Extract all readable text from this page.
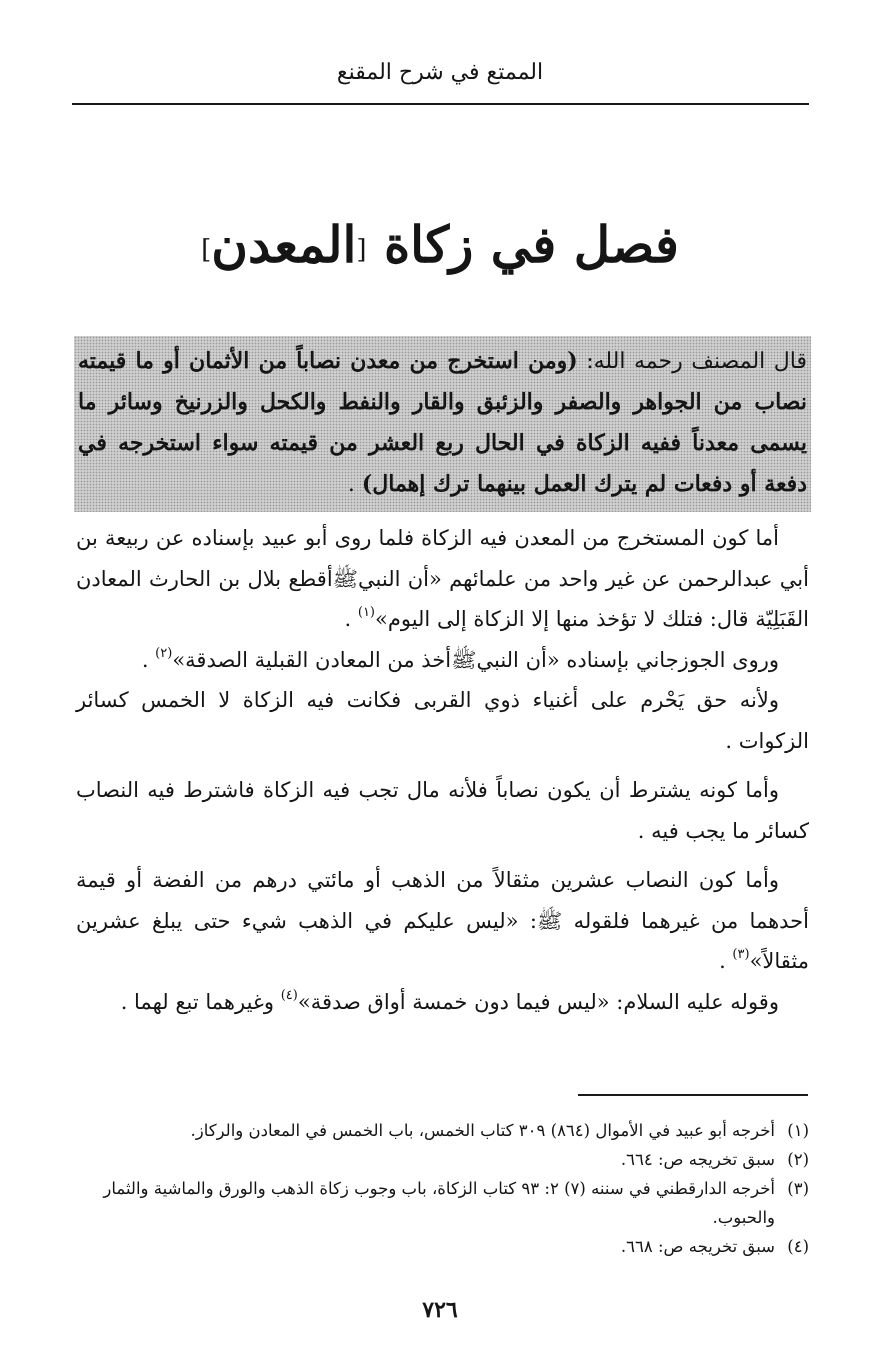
الممتع في شرح المقنع
فصل في زكاة [المعدن]
قال المصنف رحمه الله: (ومن استخرج من معدن نصاباً من الأثمان أو ما قيمته نصاب من الجواهر والصفر والزئبق والقار والنفط والكحل والزرنيخ وسائر ما يسمى معدناً ففيه الزكاة في الحال ربع العشر من قيمته سواء استخرجه في دفعة أو دفعات لم يترك العمل بينهما ترك إهمال) .

أما كون المستخرج من المعدن فيه الزكاة فلما روى أبو عبيد بإسناده عن ربيعة بن أبي عبدالرحمن عن غير واحد من علمائهم «أن النبيﷺأقطع بلال بن الحارث المعادن القَبَلِيّة قال: فتلك لا تؤخذ منها إلا الزكاة إلى اليوم»$^{(١)}$ .

وروى الجوزجاني بإسناده «أن النبيﷺأخذ من المعادن القبلية الصدقة»$^{(٢)}$ .

ولأنه حق يَحْرم على أغنياء ذوي القربى فكانت فيه الزكاة لا الخمس كسائر الزكوات .

وأما كونه يشترط أن يكون نصاباً فلأنه مال تجب فيه الزكاة فاشترط فيه النصاب كسائر ما يجب فيه .

وأما كون النصاب عشرين مثقالاً من الذهب أو مائتي درهم من الفضة أو قيمة أحدهما من غيرهما فلقوله ﷺ: «ليس عليكم في الذهب شيء حتى يبلغ عشرين مثقالاً»$^{(٣)}$ .

وقوله عليه السلام: «ليس فيما دون خمسة أواق صدقة»$^{(٤)}$ وغيرهما تبع لهما .

(١)
أخرجه أبو عبيد في الأموال (٨٦٤) ٣٠٩ كتاب الخمس، باب الخمس في المعادن والركاز.
(٢)
سبق تخريجه ص: ٦٦٤.
(٣)
أخرجه الدارقطني في سننه (٧) ٢: ٩٣ كتاب الزكاة، باب وجوب زكاة الذهب والورق والماشية والثمار والحبوب.
(٤)
سبق تخريجه ص: ٦٦٨.
٧٢٦
